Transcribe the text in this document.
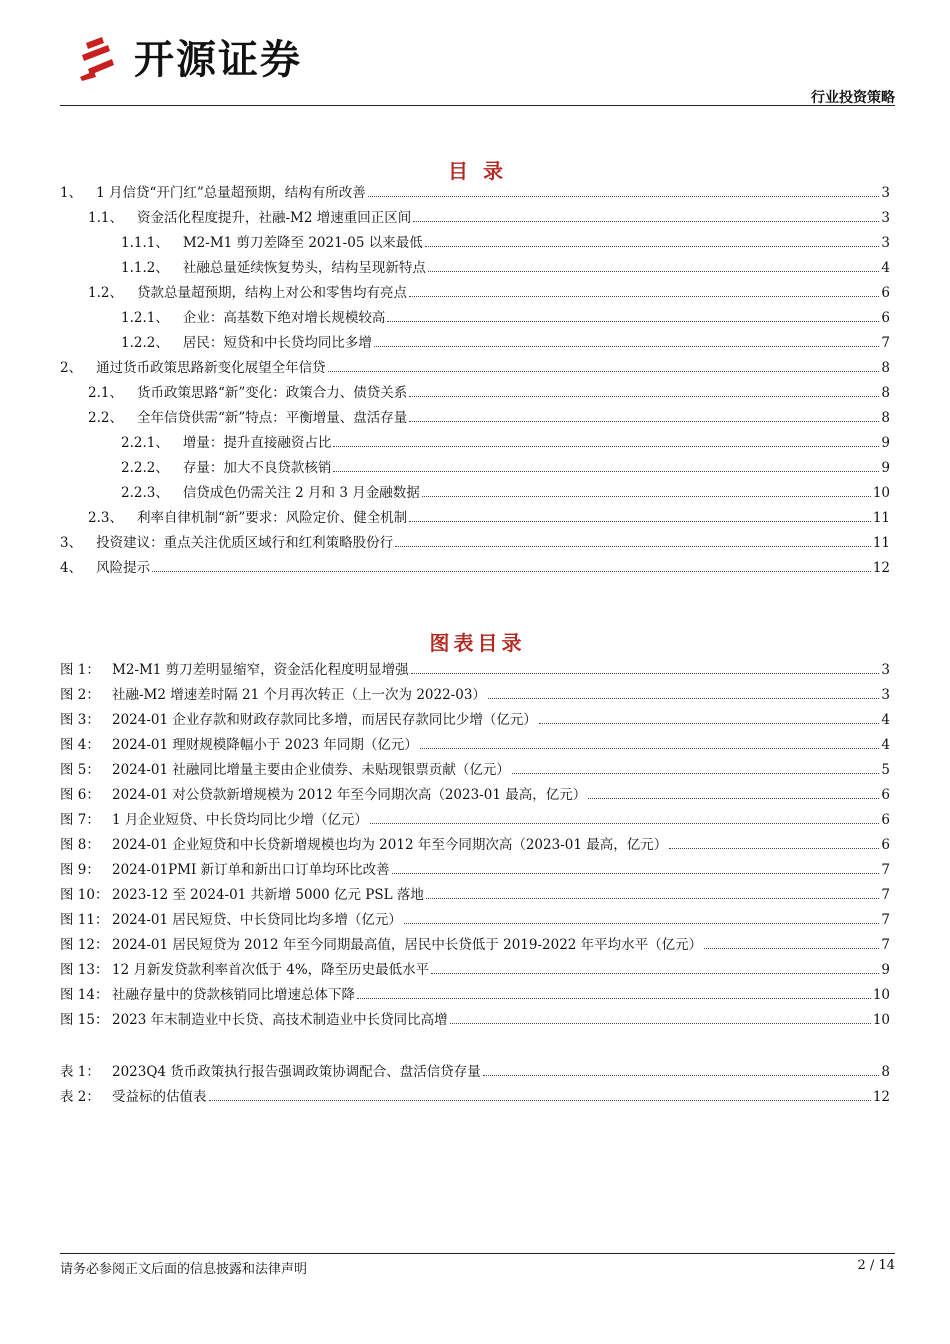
开源证券
行业投资策略
目 录
1、 1 月信贷“开门红”总量超预期，结构有所改善	3
1.1、 资金活化程度提升，社融-M2 增速重回正区间	3
1.1.1、 M2-M1 剪刀差降至 2021-05 以来最低	3
1.1.2、 社融总量延续恢复势头，结构呈现新特点	4
1.2、 贷款总量超预期，结构上对公和零售均有亮点	6
1.2.1、 企业：高基数下绝对增长规模较高	6
1.2.2、 居民：短贷和中长贷均同比多增	7
2、 通过货币政策思路新变化展望全年信贷	8
2.1、 货币政策思路“新”变化：政策合力、债贷关系	8
2.2、 全年信贷供需“新”特点：平衡增量、盘活存量	8
2.2.1、 增量：提升直接融资占比	9
2.2.2、 存量：加大不良贷款核销	9
2.2.3、 信贷成色仍需关注 2 月和 3 月金融数据	10
2.3、 利率自律机制“新”要求：风险定价、健全机制	11
3、 投资建议：重点关注优质区域行和红利策略股份行	11
4、 风险提示	12
图表目录
图 1： M2-M1 剪刀差明显缩窄，资金活化程度明显增强	3
图 2： 社融-M2 增速差时隔 21 个月再次转正（上一次为 2022-03）	3
图 3： 2024-01 企业存款和财政存款同比多增，而居民存款同比少增（亿元）	4
图 4： 2024-01 理财规模降幅小于 2023 年同期（亿元）	4
图 5： 2024-01 社融同比增量主要由企业债券、未贴现银票贡献（亿元）	5
图 6： 2024-01 对公贷款新增规模为 2012 年至今同期次高（2023-01 最高，亿元）	6
图 7： 1 月企业短贷、中长贷均同比少增（亿元）	6
图 8： 2024-01 企业短贷和中长贷新增规模也均为 2012 年至今同期次高（2023-01 最高，亿元）	6
图 9： 2024-01PMI 新订单和新出口订单均环比改善	7
图 10： 2023-12 至 2024-01 共新增 5000 亿元 PSL 落地	7
图 11： 2024-01 居民短贷、中长贷同比均多增（亿元）	7
图 12： 2024-01 居民短贷为 2012 年至今同期最高值，居民中长贷低于 2019-2022 年平均水平（亿元）	7
图 13： 12 月新发贷款利率首次低于 4%，降至历史最低水平	9
图 14： 社融存量中的贷款核销同比增速总体下降	10
图 15： 2023 年末制造业中长贷、高技术制造业中长贷同比高增	10
表 1： 2023Q4 货币政策执行报告强调政策协调配合、盘活信贷存量	8
表 2： 受益标的估值表	12
请务必参阅正文后面的信息披露和法律声明	2 / 14
